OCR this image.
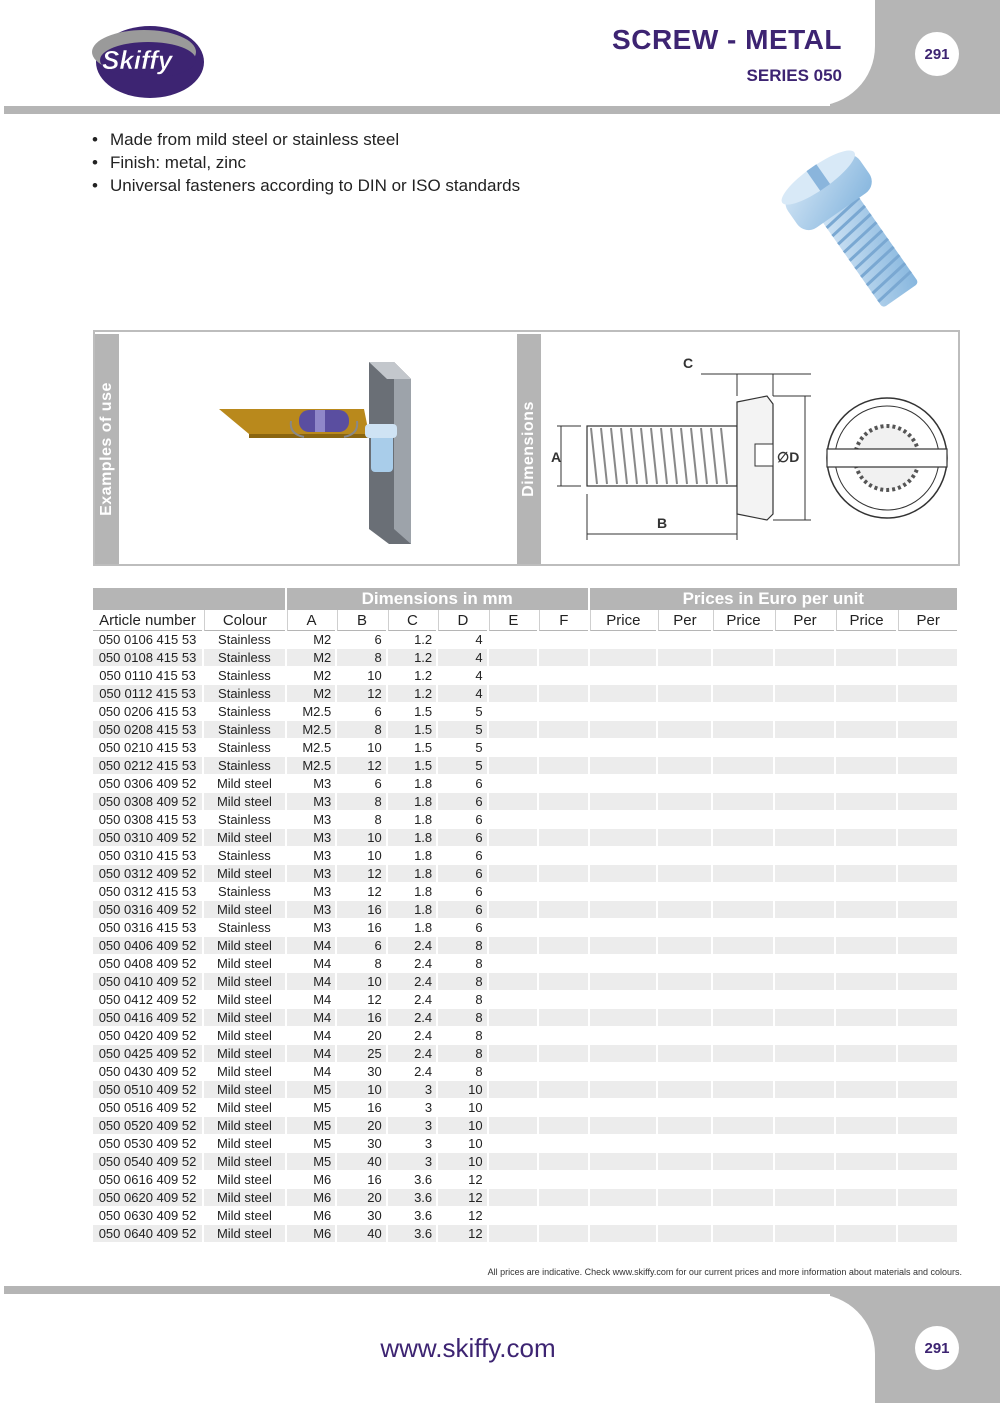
Skiffy
SCREW - METAL
SERIES 050
291
• Made from mild steel or stainless steel
• Finish: metal, zinc
• Universal fasteners according to DIN or ISO standards
Examples of use	Dimensions A
B
C
∅D
		Dimensions in mm						Prices in Euro per unit					
Article number	Colour	A	B	C	D	E	F	Price	Per	Price	Per	Price	Per
050 0106 415 53	Stainless	M2	6	1.2	4								
050 0108 415 53	Stainless	M2	8	1.2	4								
050 0110 415 53	Stainless	M2	10	1.2	4								
050 0112 415 53	Stainless	M2	12	1.2	4								
050 0206 415 53	Stainless	M2.5	6	1.5	5								
050 0208 415 53	Stainless	M2.5	8	1.5	5								
050 0210 415 53	Stainless	M2.5	10	1.5	5								
050 0212 415 53	Stainless	M2.5	12	1.5	5								
050 0306 409 52	Mild steel	M3	6	1.8	6								
050 0308 409 52	Mild steel	M3	8	1.8	6								
050 0308 415 53	Stainless	M3	8	1.8	6								
050 0310 409 52	Mild steel	M3	10	1.8	6								
050 0310 415 53	Stainless	M3	10	1.8	6								
050 0312 409 52	Mild steel	M3	12	1.8	6								
050 0312 415 53	Stainless	M3	12	1.8	6								
050 0316 409 52	Mild steel	M3	16	1.8	6								
050 0316 415 53	Stainless	M3	16	1.8	6								
050 0406 409 52	Mild steel	M4	6	2.4	8								
050 0408 409 52	Mild steel	M4	8	2.4	8								
050 0410 409 52	Mild steel	M4	10	2.4	8								
050 0412 409 52	Mild steel	M4	12	2.4	8								
050 0416 409 52	Mild steel	M4	16	2.4	8								
050 0420 409 52	Mild steel	M4	20	2.4	8								
050 0425 409 52	Mild steel	M4	25	2.4	8								
050 0430 409 52	Mild steel	M4	30	2.4	8								
050 0510 409 52	Mild steel	M5	10	3	10								
050 0516 409 52	Mild steel	M5	16	3	10								
050 0520 409 52	Mild steel	M5	20	3	10								
050 0530 409 52	Mild steel	M5	30	3	10								
050 0540 409 52	Mild steel	M5	40	3	10								
050 0616 409 52	Mild steel	M6	16	3.6	12								
050 0620 409 52	Mild steel	M6	20	3.6	12								
050 0630 409 52	Mild steel	M6	30	3.6	12								
050 0640 409 52	Mild steel	M6	40	3.6	12								
All prices are indicative. Check www.skiffy.com for our current prices and more information about materials and colours.
www.skiffy.com	291
